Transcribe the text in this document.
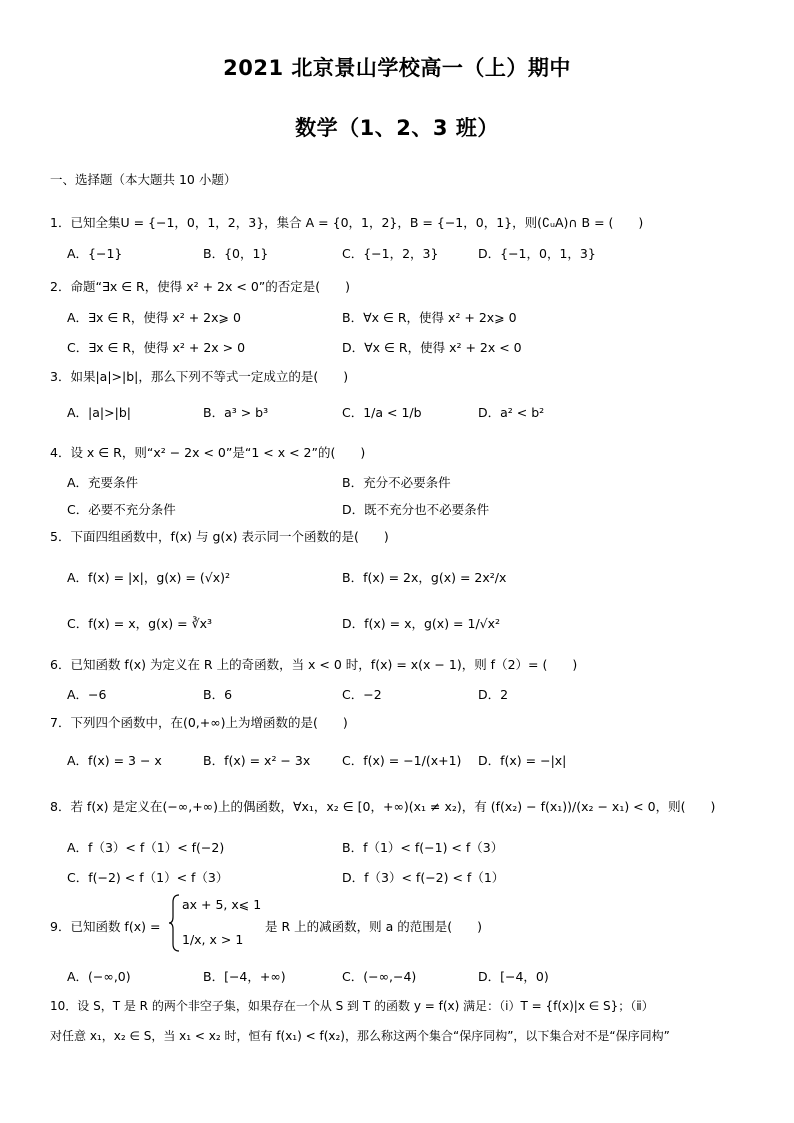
2021 北京景山学校高一（上）期中
数学（1、2、3 班）
一、选择题（本大题共 10 小题）
1．已知全集U = {−1，0，1，2，3}，集合 A = {0，1，2}，B = {−1，0，1}，则(∁ᵤA)∩ B = (　　)
A．{−1}	B．{0，1}	C．{−1，2，3}	D．{−1，0，1，3}
2．命题“∃x ∈ R，使得 x² + 2x < 0”的否定是(　　)
A．∃x ∈ R，使得 x² + 2x⩾ 0	B．∀x ∈ R，使得 x² + 2x⩾ 0
C．∃x ∈ R，使得 x² + 2x > 0	D．∀x ∈ R，使得 x² + 2x < 0
3．如果|a|>|b|，那么下列不等式一定成立的是(　　)
A．|a|>|b|	B．a³ > b³	C．1/a < 1/b	D．a² < b²
4．设 x ∈ R，则“x² − 2x < 0”是“1 < x < 2”的(　　)
A．充要条件	B．充分不必要条件
C．必要不充分条件	D．既不充分也不必要条件
5．下面四组函数中，f(x) 与 g(x) 表示同一个函数的是(　　)
A．f(x) = |x|，g(x) = (√x)²	B．f(x) = 2x，g(x) = 2x²/x
C．f(x) = x，g(x) = ∛x³	D．f(x) = x，g(x) = 1/√x²
6．已知函数 f(x) 为定义在 R 上的奇函数，当 x < 0 时，f(x) = x(x − 1)，则 f（2）= (　　)
A．−6	B．6	C．−2	D．2
7．下列四个函数中，在(0,+∞)上为增函数的是(　　)
A．f(x) = 3 − x	B．f(x) = x² − 3x	C．f(x) = −1/(x+1) D．f(x) = −|x|
8．若 f(x) 是定义在(−∞,+∞)上的偶函数，∀x₁，x₂ ∈ [0，+∞)(x₁ ≠ x₂)，有 (f(x₂) − f(x₁))/(x₂ − x₁) < 0，则(　　)
A．f（3）< f（1）< f(−2)	B．f（1）< f(−1) < f（3）
C．f(−2) < f（1）< f（3）	D．f（3）< f(−2) < f（1）
9．已知函数 f(x) =
ax + 5, x⩽ 1
1/x, x > 1
是 R 上的减函数，则 a 的范围是(　　)
A．(−∞,0)	B．[−4，+∞)	C．(−∞,−4)	D．[−4，0)
10．设 S，T 是 R 的两个非空子集，如果存在一个从 S 到 T 的函数 y = f(x) 满足：（ⅰ）T = {f(x)|x ∈ S}；（ⅱ）
对任意 x₁，x₂ ∈ S，当 x₁ < x₂ 时，恒有 f(x₁) < f(x₂)，那么称这两个集合“保序同构”，以下集合对不是“保序同构”
